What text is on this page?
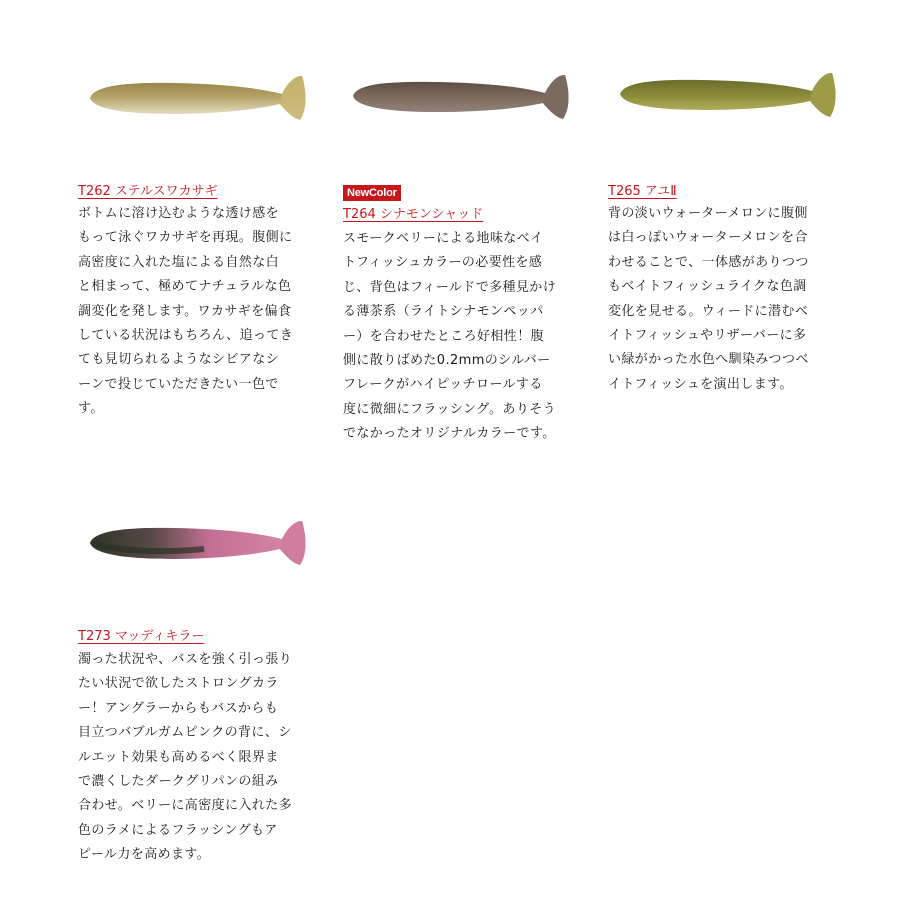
T262 ステルスワカサギ

ボトムに溶け込むような透け感を
もって泳ぐワカサギを再現。腹側に
高密度に入れた塩による自然な白
と相まって、極めてナチュラルな色
調変化を発します。ワカサギを偏食
している状況はもちろん、追ってき
ても見切られるようなシビアなシ
ーンで投じていただきたい一色で
す。

NewColor
T264 シナモンシャッド

スモークベリーによる地味なベイ
トフィッシュカラーの必要性を感
じ、背色はフィールドで多種見かけ
る薄茶系（ライトシナモンペッパ
ー）を合わせたところ好相性！腹
側に散りばめた0.2mmのシルバー
フレークがハイピッチロールする
度に微細にフラッシング。ありそう
でなかったオリジナルカラーです。

T265 アユⅡ

背の淡いウォーターメロンに腹側
は白っぽいウォーターメロンを合
わせることで、一体感がありつつ
もベイトフィッシュライクな色調
変化を見せる。ウィードに潜むベ
イトフィッシュやリザーバーに多
い緑がかった水色へ馴染みつつベ
イトフィッシュを演出します。

T273 マッディキラー

濁った状況や、バスを強く引っ張り
たい状況で欲したストロングカラ
ー！アングラーからもバスからも
目立つバブルガムピンクの背に、シ
ルエット効果も高めるべく限界ま
で濃くしたダークグリパンの組み
合わせ。ベリーに高密度に入れた多
色のラメによるフラッシングもア
ピール力を高めます。
